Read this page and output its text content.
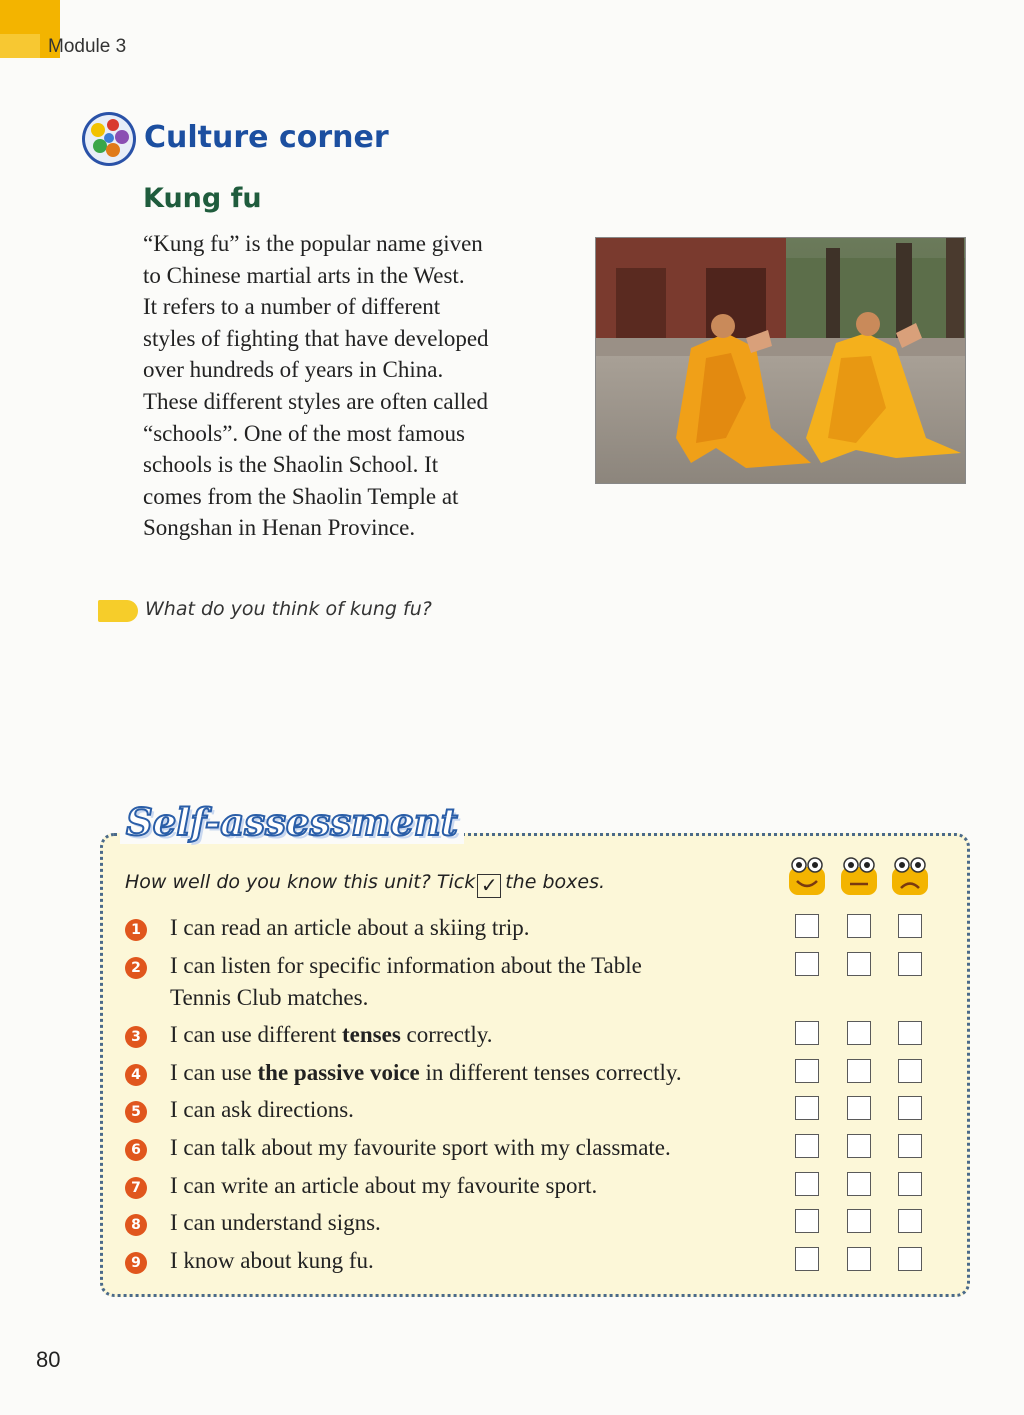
Module 3
Culture corner
Kung fu
“Kung fu” is the popular name given
to Chinese martial arts in the West.
It refers to a number of different
styles of fighting that have developed
over hundreds of years in China.
These different styles are often called
“schools”. One of the most famous
schools is the Shaolin School. It
comes from the Shaolin Temple at
Songshan in Henan Province.
What do you think of kung fu?
Self-assessment
How well do you know this unit? Tick ✓ the boxes.
1 I can read an article about a skiing trip.
2 I can listen for specific information about the Table
Tennis Club matches.
3 I can use different tenses correctly.
4 I can use the passive voice in different tenses correctly.
5 I can ask directions.
6 I can talk about my favourite sport with my classmate.
7 I can write an article about my favourite sport.
8 I can understand signs.
9 I know about kung fu.
80
